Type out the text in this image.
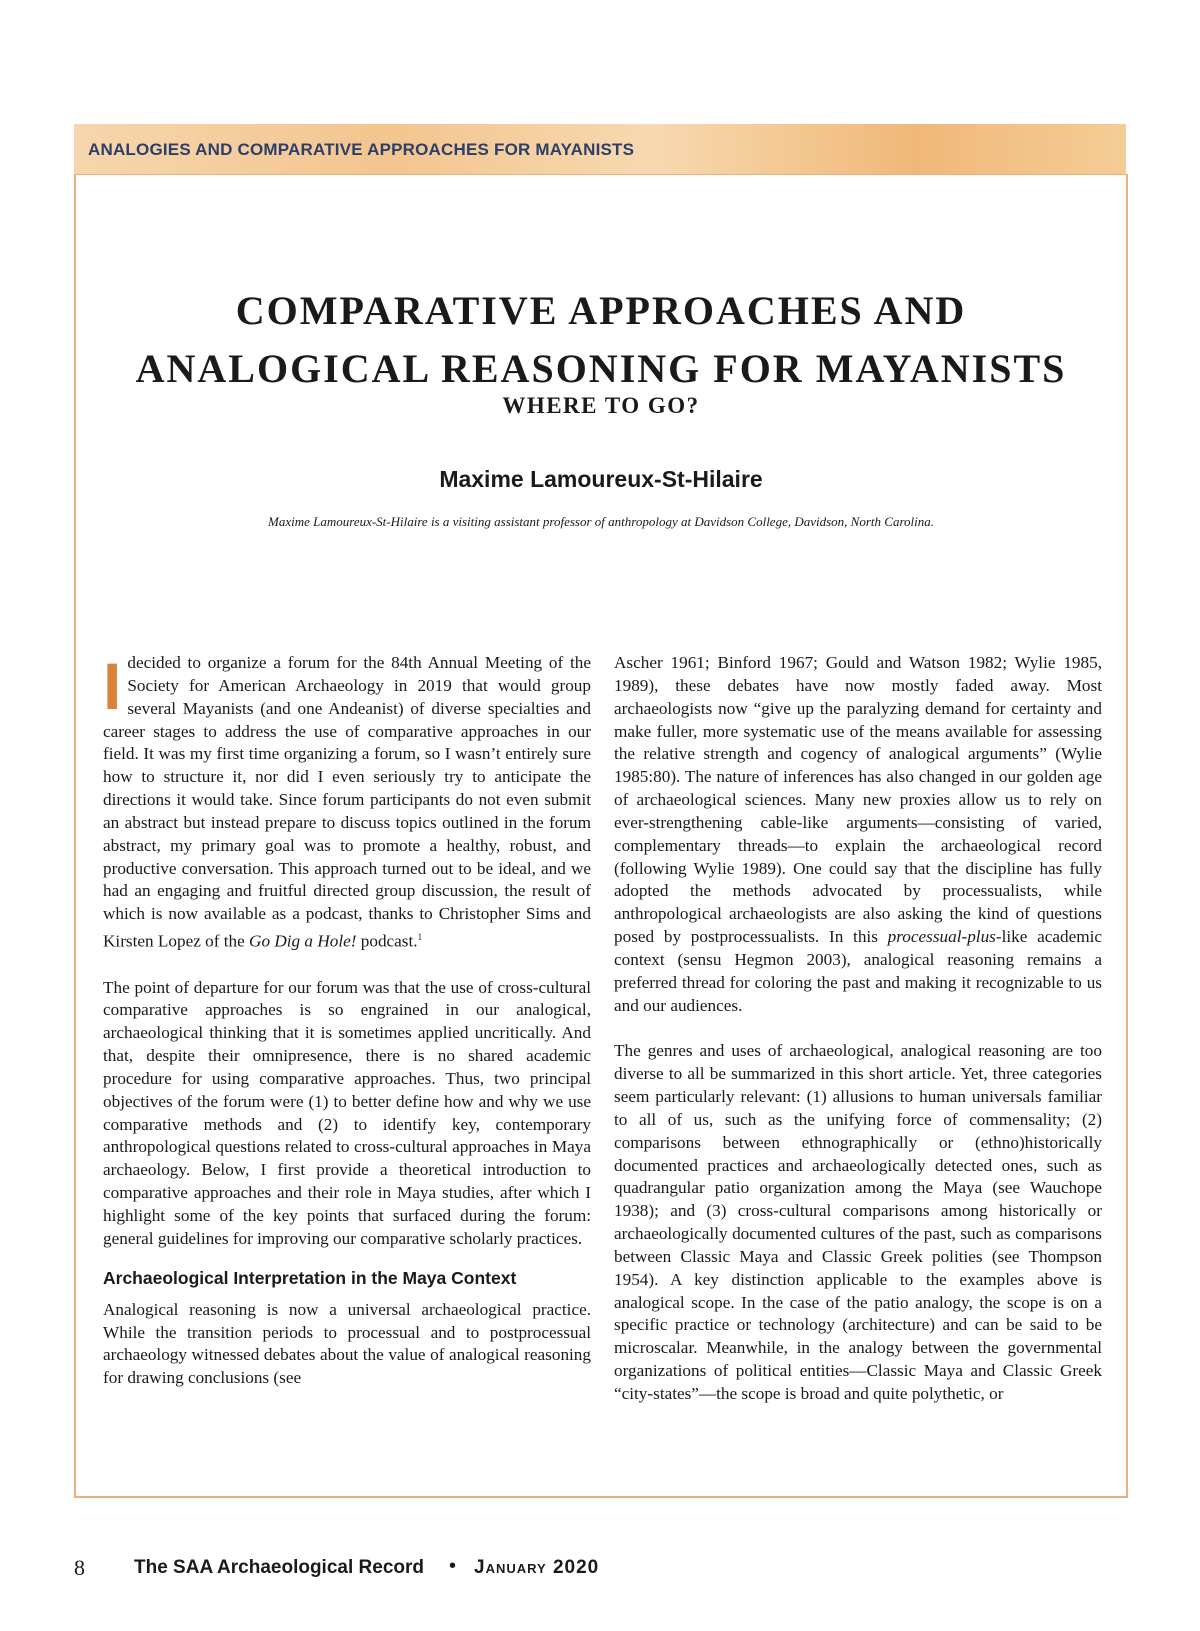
ANALOGIES AND COMPARATIVE APPROACHES FOR MAYANISTS
COMPARATIVE APPROACHES AND
ANALOGICAL REASONING FOR MAYANISTS
WHERE TO GO?
Maxime Lamoureux-St-Hilaire
Maxime Lamoureux-St-Hilaire is a visiting assistant professor of anthropology at Davidson College, Davidson, North Carolina.

Idecided to organize a forum for the 84th Annual Meeting of the Society for American Archaeology in 2019 that would group several Mayanists (and one Andeanist) of diverse specialties and career stages to address the use of comparative approaches in our field. It was my first time organizing a forum, so I wasn’t entirely sure how to structure it, nor did I even seriously try to anticipate the directions it would take. Since forum participants do not even submit an abstract but instead prepare to discuss topics outlined in the forum abstract, my primary goal was to promote a healthy, robust, and productive conversation. This approach turned out to be ideal, and we had an engaging and fruitful directed group discussion, the result of which is now available as a podcast, thanks to Christopher Sims and Kirsten Lopez of the Go Dig a Hole! podcast.$^1$

The point of departure for our forum was that the use of cross-cultural comparative approaches is so engrained in our analogical, archaeological thinking that it is sometimes applied uncritically. And that, despite their omnipresence, there is no shared academic procedure for using comparative approaches. Thus, two principal objectives of the forum were (1) to better define how and why we use comparative methods and (2) to identify key, contemporary anthropological questions related to cross-cultural approaches in Maya archaeology. Below, I first provide a theoretical introduction to comparative approaches and their role in Maya studies, after which I highlight some of the key points that surfaced during the forum: general guidelines for improving our comparative scholarly practices.

Archaeological Interpretation in the Maya Context

Analogical reasoning is now a universal archaeological practice. While the transition periods to processual and to postprocessual archaeology witnessed debates about the value of analogical reasoning for drawing conclusions (see

Ascher 1961; Binford 1967; Gould and Watson 1982; Wylie 1985, 1989), these debates have now mostly faded away. Most archaeologists now “give up the paralyzing demand for certainty and make fuller, more systematic use of the means available for assessing the relative strength and cogency of analogical arguments” (Wylie 1985:80). The nature of inferences has also changed in our golden age of archaeological sciences. Many new proxies allow us to rely on ever-strengthening cable-like arguments—consisting of varied, complementary threads—to explain the archaeological record (following Wylie 1989). One could say that the discipline has fully adopted the methods advocated by processualists, while anthropological archaeologists are also asking the kind of questions posed by postprocessualists. In this processual-plus-like academic context (sensu Hegmon 2003), analogical reasoning remains a preferred thread for coloring the past and making it recognizable to us and our audiences.

The genres and uses of archaeological, analogical reasoning are too diverse to all be summarized in this short article. Yet, three categories seem particularly relevant: (1) allusions to human universals familiar to all of us, such as the unifying force of commensality; (2) comparisons between ethnographically or (ethno)historically documented practices and archaeologically detected ones, such as quadrangular patio organization among the Maya (see Wauchope 1938); and (3) cross-cultural comparisons among historically or archaeologically documented cultures of the past, such as comparisons between Classic Maya and Classic Greek polities (see Thompson 1954). A key distinction applicable to the examples above is analogical scope. In the case of the patio analogy, the scope is on a specific practice or technology (architecture) and can be said to be microscalar. Meanwhile, in the analogy between the governmental organizations of political entities—Classic Maya and Classic Greek “city-states”—the scope is broad and quite polythetic, or

8	The SAA Archaeological Record • January 2020
